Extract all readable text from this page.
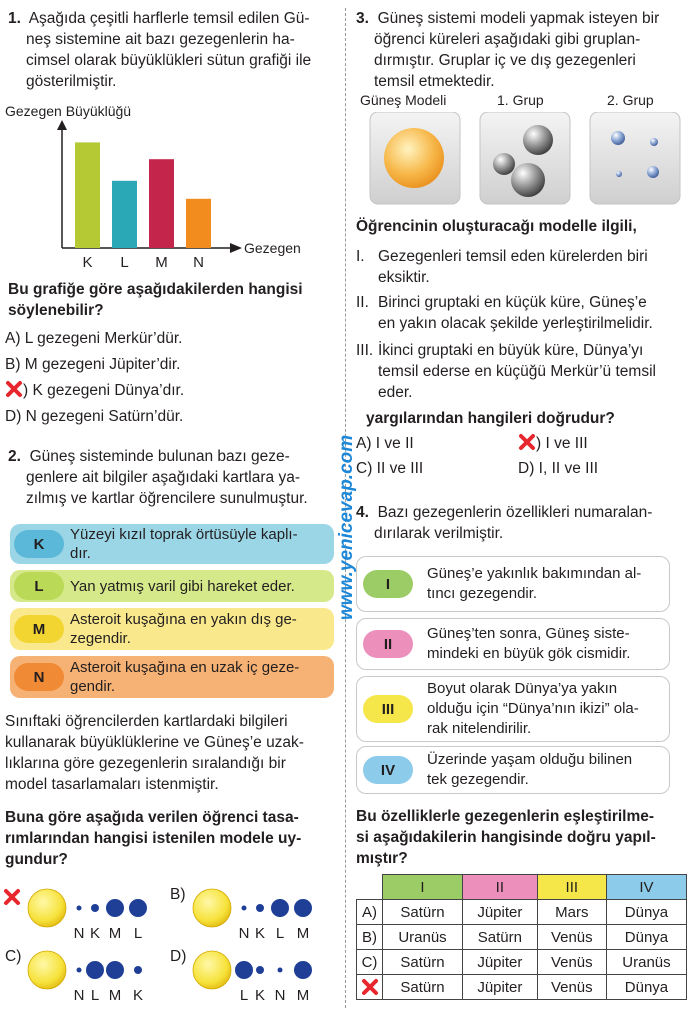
1. Aşağıda çeşitli harflerle temsil edilen Gü-
neş sistemine ait bazı gezegenlerin ha-
cimsel olarak büyüklükleri sütun grafiği ile
gösterilmiştir.
Gezegen Büyüklüğü
Gezegen
K L M N
Bu grafiğe göre aşağıdakilerden hangisi
söylenebilir?
A) L gezegeni Merkür’dür.
B) M gezegeni Jüpiter’dir.
) K gezegeni Dünya’dır.
D) N gezegeni Satürn’dür.
2. Güneş sisteminde bulunan bazı geze-
genlere ait bilgiler aşağıdaki kartlara ya-
zılmış ve kartlar öğrencilere sunulmuştur.
K
Yüzeyi kızıl toprak örtüsüyle kaplı-
dır.
L	Yan yatmış varil gibi hareket eder.
M
Asteroit kuşağına en yakın dış ge-
zegendir.
N
Asteroit kuşağına en uzak iç geze-
gendir.
Sınıftaki öğrencilerden kartlardaki bilgileri
kullanarak büyüklüklerine ve Güneş’e uzak-
lıklarına göre gezegenlerin sıralandığı bir
model tasarlamaları istenmiştir.
Buna göre aşağıda verilen öğrenci tasa-
rımlarından hangisi istenilen modele uy-
gundur?
N K M L
B)
N K L M
C)
N L M K
D)
L K N M
3. Güneş sistemi modeli yapmak isteyen bir
öğrenci küreleri aşağıdaki gibi gruplan-
dırmıştır. Gruplar iç ve dış gezegenleri
temsil etmektedir.
Güneş Modeli	1. Grup	2. Grup
Öğrencinin oluşturacağı modelle ilgili,
I. Gezegenleri temsil eden kürelerden biri
eksiktir.
II. Birinci gruptaki en küçük küre, Güneş’e
en yakın olacak şekilde yerleştirilmelidir.
III. İkinci gruptaki en büyük küre, Dünya’yı
temsil ederse en küçüğü Merkür’ü temsil
eder.
yargılarından hangileri doğrudur?
A) I ve II	) I ve III
C) II ve III	D) I, II ve III
4. Bazı gezegenlerin özellikleri numaralan-
dırılarak verilmiştir.
I
Güneş’e yakınlık bakımından al-
tıncı gezegendir.
II
Güneş’ten sonra, Güneş siste-
mindeki en büyük gök cismidir.
III
Boyut olarak Dünya’ya yakın
olduğu için “Dünya’nın ikizi” ola-
rak nitelendirilir.
IV
Üzerinde yaşam olduğu bilinen
tek gezegendir.
Bu özelliklerle gezegenlerin eşleştirilme-
si aşağıdakilerin hangisinde doğru yapıl-
mıştır?
	I	II	III	IV
A)	Satürn	Jüpiter	Mars	Dünya
B)	Uranüs	Satürn	Venüs	Dünya
C)	Satürn	Jüpiter	Venüs	Uranüs
	Satürn	Jüpiter	Venüs	Dünya
www.yenicevap.com
